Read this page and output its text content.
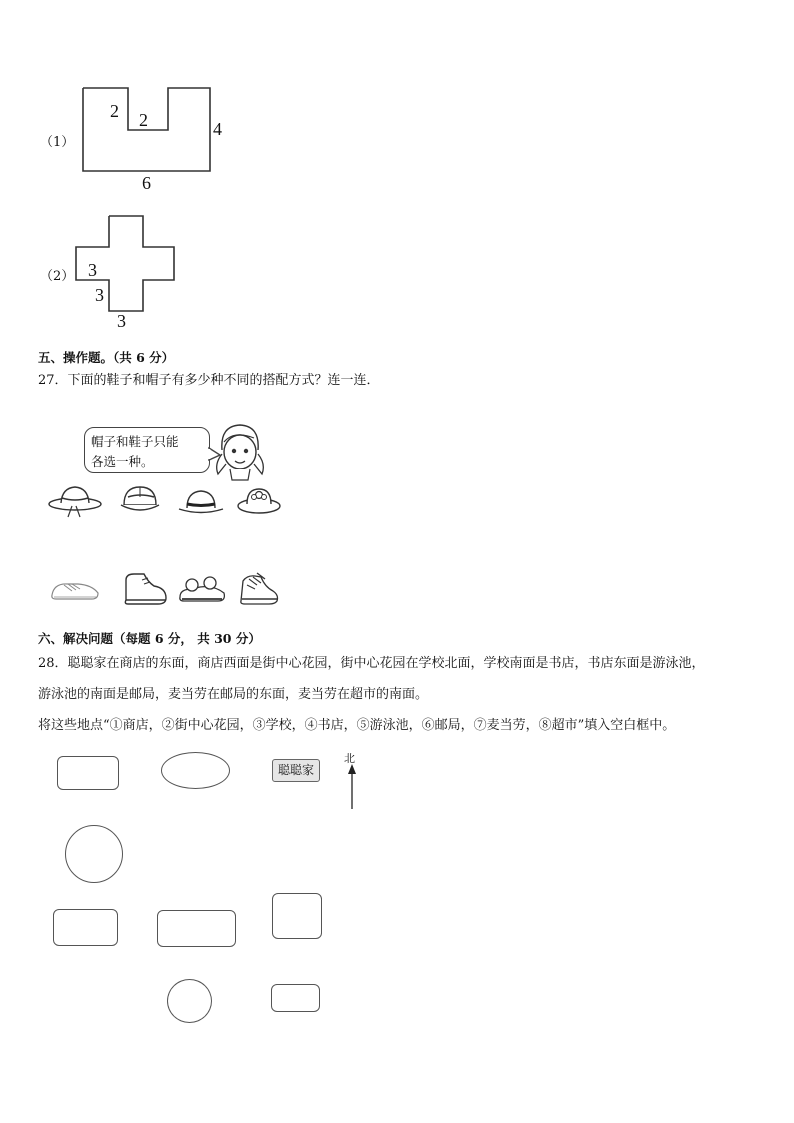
（1）
2 2	4
6
（2） 3
3
3
五、操作题。（共 6 分）
27．下面的鞋子和帽子有多少种不同的搭配方式？连一连．
帽子和鞋子只能
各选一种。
六、解决问题（每题 6 分， 共 30 分）
28．聪聪家在商店的东面，商店西面是街中心花园，街中心花园在学校北面，学校南面是书店，书店东面是游泳池，
游泳池的南面是邮局，麦当劳在邮局的东面，麦当劳在超市的南面。
将这些地点“①商店，②街中心花园，③学校，④书店，⑤游泳池，⑥邮局，⑦麦当劳，⑧超市”填入空白框中。
聪聪家
北
